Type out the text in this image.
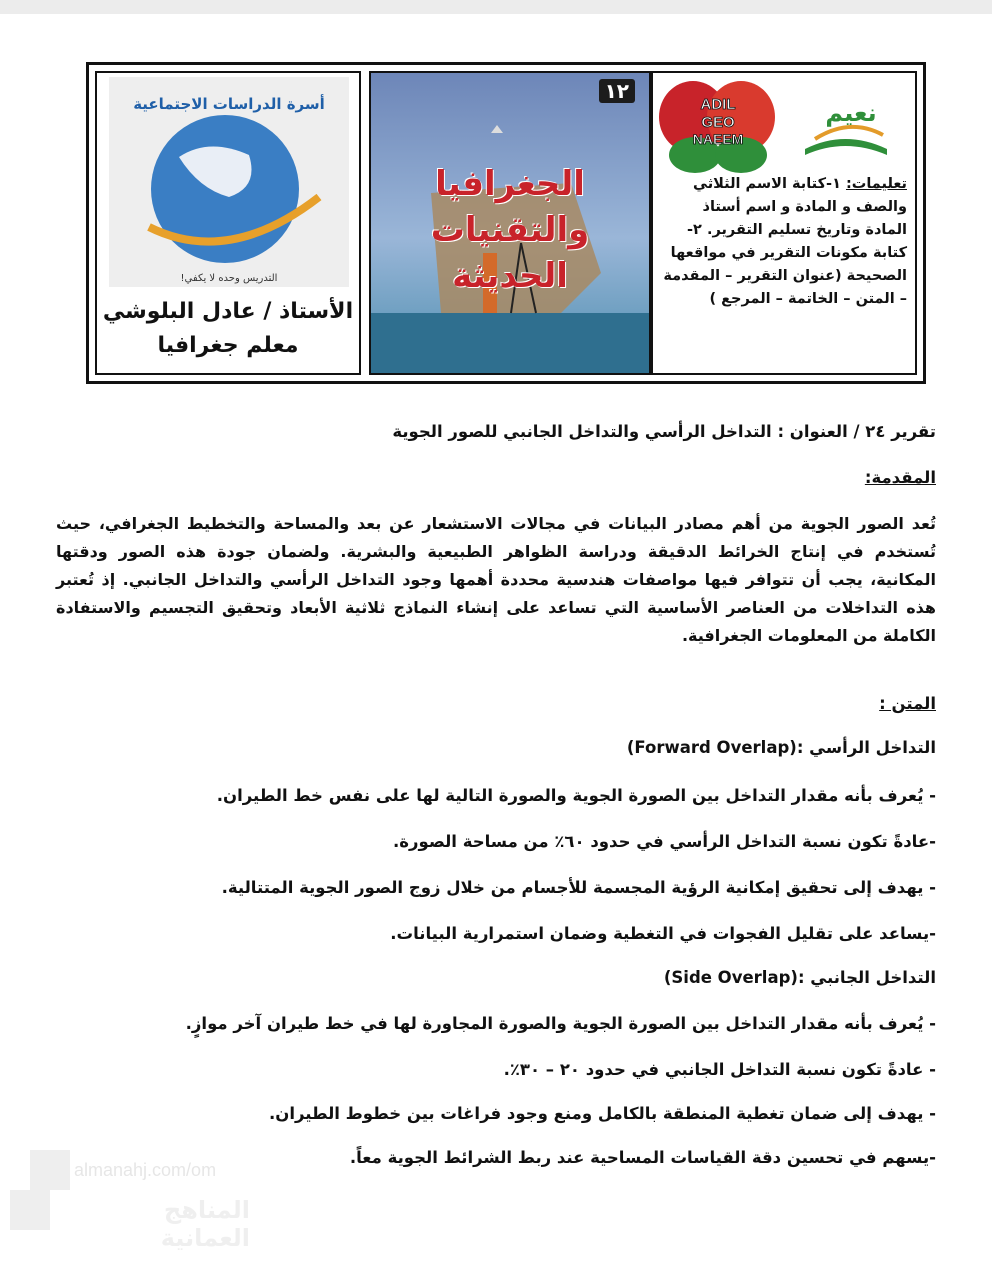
ADIL
GEO
NAEEM
نعيم
تعليمات: ١-كتابة الاسم الثلاثي والصف و المادة و اسم أستاذ المادة وتاريخ تسليم التقرير. ٢-كتابة مكونات التقرير في مواقعها الصحيحة (عنوان التقرير – المقدمة – المتن – الخاتمة – المرجع )
١٢
الجغرافيا
والتقنيات
الحديثة
أسرة الدراسات الاجتماعية
التدريس وحده لا يكفي!
الأستاذ / عادل البلوشي
معلم جغرافيا
تقرير ٢٤ / العنوان : التداخل الرأسي والتداخل الجانبي للصور الجوية
المقدمة:
تُعد الصور الجوية من أهم مصادر البيانات في مجالات الاستشعار عن بعد والمساحة والتخطيط الجغرافي، حيث تُستخدم في إنتاج الخرائط الدقيقة ودراسة الظواهر الطبيعية والبشرية. ولضمان جودة هذه الصور ودقتها المكانية، يجب أن تتوافر فيها مواصفات هندسية محددة أهمها وجود التداخل الرأسي والتداخل الجانبي. إذ تُعتبر هذه التداخلات من العناصر الأساسية التي تساعد على إنشاء النماذج ثلاثية الأبعاد وتحقيق التجسيم والاستفادة الكاملة من المعلومات الجغرافية.
المتن :
التداخل الرأسي (Forward Overlap):
- يُعرف بأنه مقدار التداخل بين الصورة الجوية والصورة التالية لها على نفس خط الطيران.
-عادةً تكون نسبة التداخل الرأسي في حدود ٦٠٪ من مساحة الصورة.
- يهدف إلى تحقيق إمكانية الرؤية المجسمة للأجسام من خلال زوج الصور الجوية المتتالية.
-يساعد على تقليل الفجوات في التغطية وضمان استمرارية البيانات.
التداخل الجانبي (Side Overlap):
- يُعرف بأنه مقدار التداخل بين الصورة الجوية والصورة المجاورة لها في خط طيران آخر موازٍ.
- عادةً تكون نسبة التداخل الجانبي في حدود ٢٠ – ٣٠٪.
- يهدف إلى ضمان تغطية المنطقة بالكامل ومنع وجود فراغات بين خطوط الطيران.
-يسهم في تحسين دقة القياسات المساحية عند ربط الشرائط الجوية معاً.
almanahj.com/om
المناهج العمانية
